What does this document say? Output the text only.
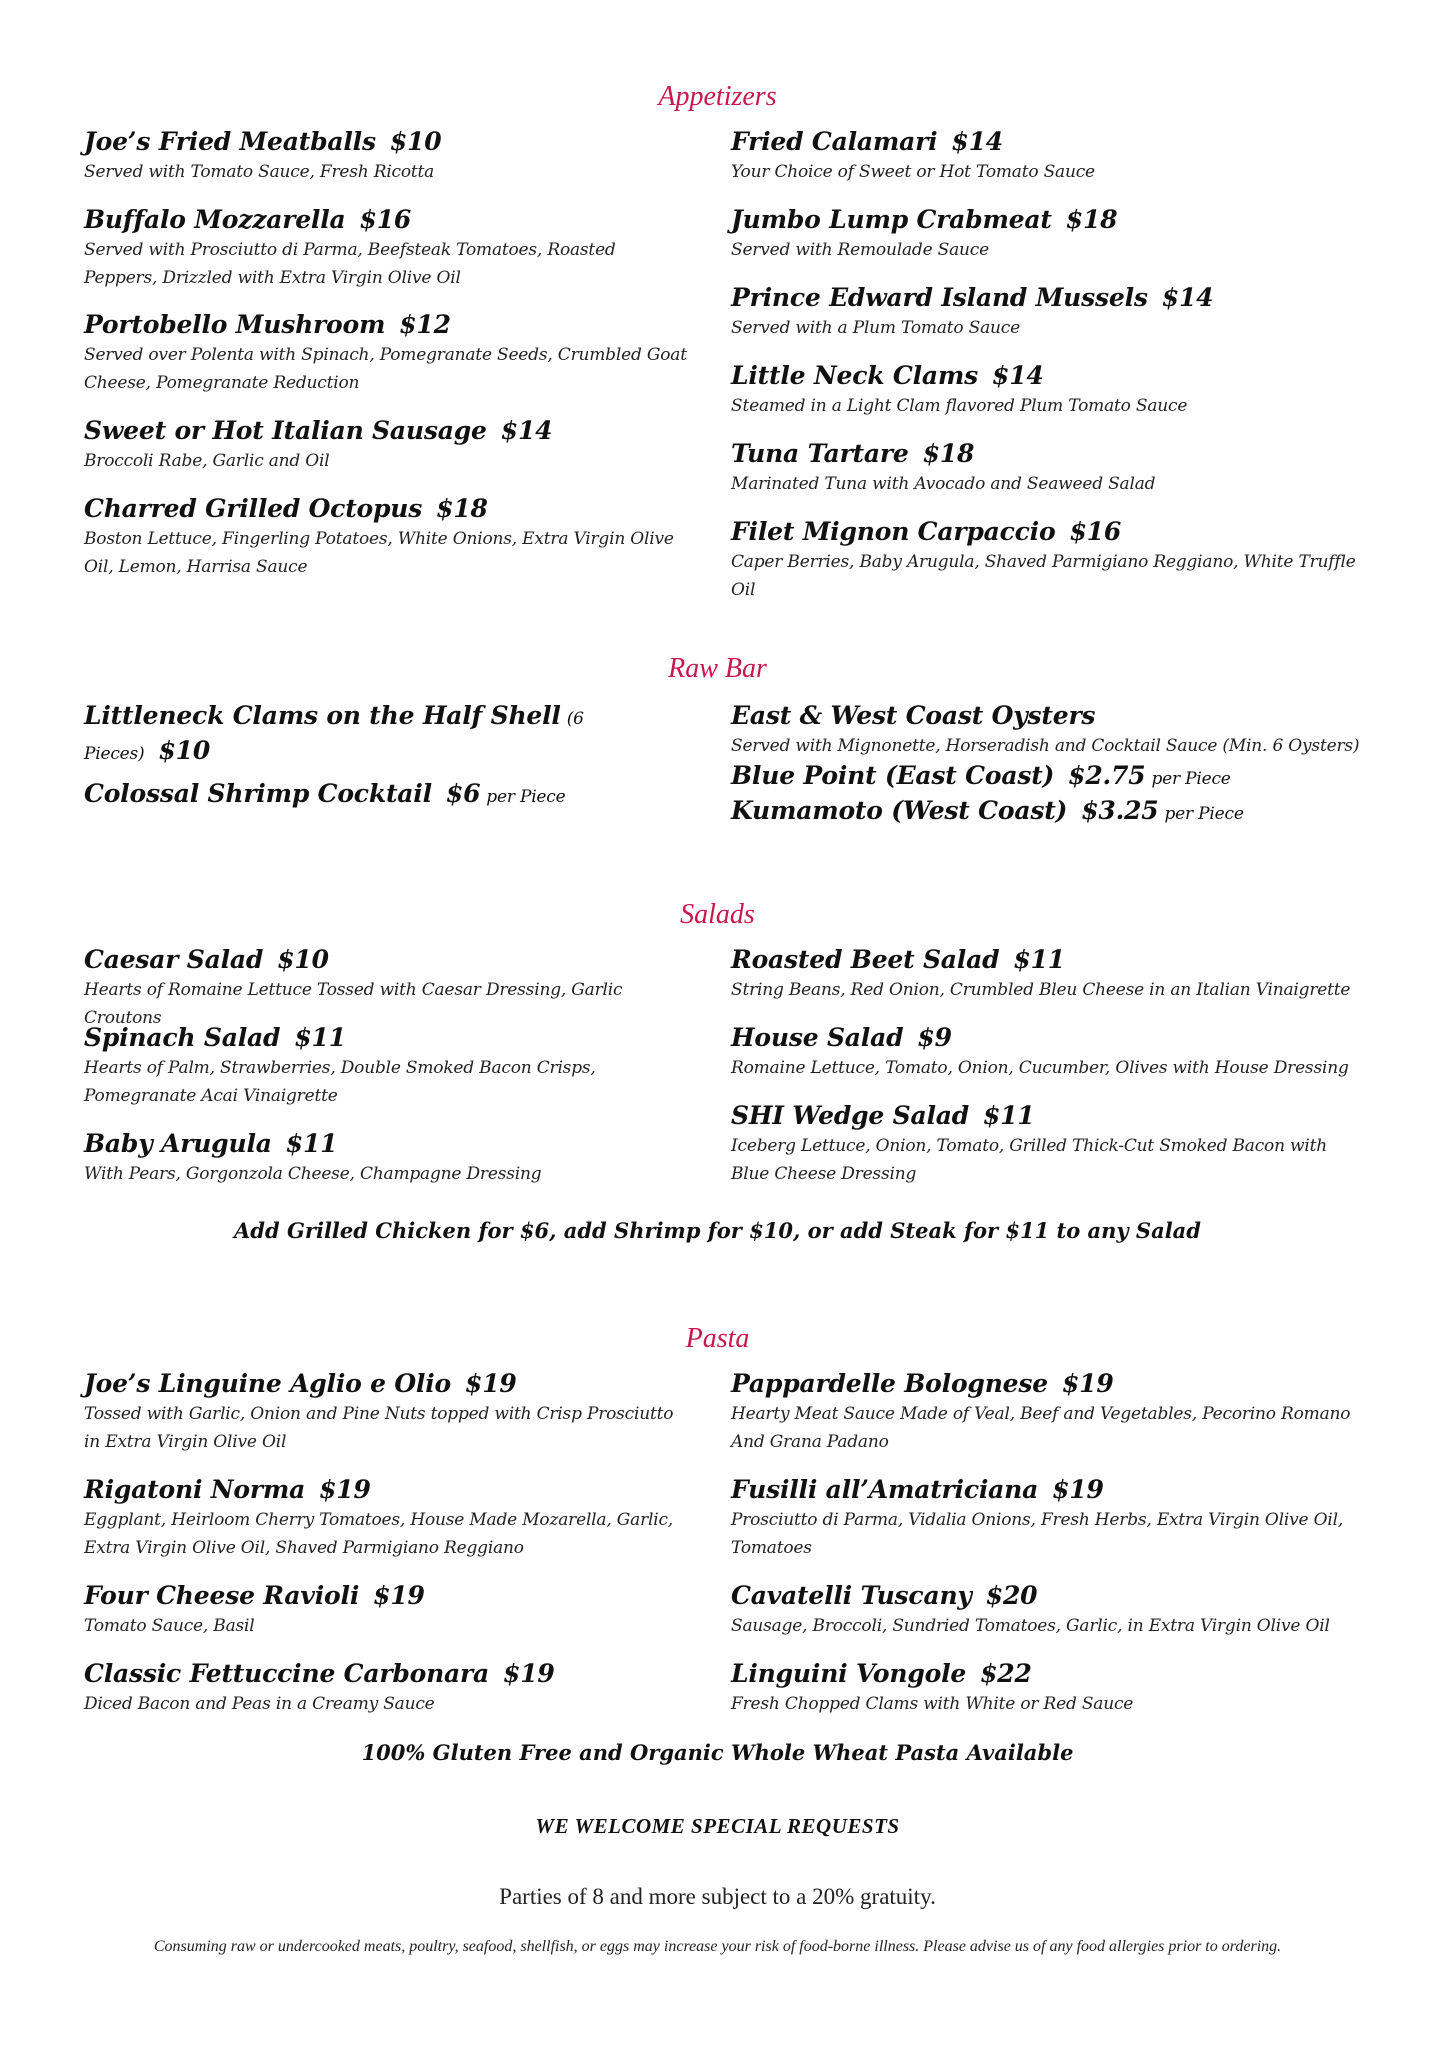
Appetizers
Joe’s Fried Meatballs $10
Served with Tomato Sauce, Fresh Ricotta
Buffalo Mozzarella $16
Served with Prosciutto di Parma, Beefsteak Tomatoes, Roasted Peppers, Drizzled with Extra Virgin Olive Oil
Portobello Mushroom $12
Served over Polenta with Spinach, Pomegranate Seeds, Crumbled Goat Cheese, Pomegranate Reduction
Sweet or Hot Italian Sausage $14
Broccoli Rabe, Garlic and Oil
Charred Grilled Octopus $18
Boston Lettuce, Fingerling Potatoes, White Onions, Extra Virgin Olive Oil, Lemon, Harrisa Sauce
Fried Calamari $14
Your Choice of Sweet or Hot Tomato Sauce
Jumbo Lump Crabmeat $18
Served with Remoulade Sauce
Prince Edward Island Mussels $14
Served with a Plum Tomato Sauce
Little Neck Clams $14
Steamed in a Light Clam flavored Plum Tomato Sauce
Tuna Tartare $18
Marinated Tuna with Avocado and Seaweed Salad
Filet Mignon Carpaccio $16
Caper Berries, Baby Arugula, Shaved Parmigiano Reggiano, White Truffle Oil
Raw Bar
Littleneck Clams on the Half Shell (6 Pieces) $10
Colossal Shrimp Cocktail $6 per Piece
East & West Coast Oysters
Served with Mignonette, Horseradish and Cocktail Sauce (Min. 6 Oysters)
Blue Point (East Coast) $2.75 per Piece
Kumamoto (West Coast) $3.25 per Piece
Salads
Caesar Salad $10
Hearts of Romaine Lettuce Tossed with Caesar Dressing, Garlic Croutons
Spinach Salad $11
Hearts of Palm, Strawberries, Double Smoked Bacon Crisps, Pomegranate Acai Vinaigrette
Baby Arugula $11
With Pears, Gorgonzola Cheese, Champagne Dressing
Roasted Beet Salad $11
String Beans, Red Onion, Crumbled Bleu Cheese in an Italian Vinaigrette
House Salad $9
Romaine Lettuce, Tomato, Onion, Cucumber, Olives with House Dressing
SHI Wedge Salad $11
Iceberg Lettuce, Onion, Tomato, Grilled Thick-Cut Smoked Bacon with Blue Cheese Dressing
Add Grilled Chicken for $6, add Shrimp for $10, or add Steak for $11 to any Salad
Pasta
Joe’s Linguine Aglio e Olio $19
Tossed with Garlic, Onion and Pine Nuts topped with Crisp Prosciutto in Extra Virgin Olive Oil
Rigatoni Norma $19
Eggplant, Heirloom Cherry Tomatoes, House Made Mozarella, Garlic, Extra Virgin Olive Oil, Shaved Parmigiano Reggiano
Four Cheese Ravioli $19
Tomato Sauce, Basil
Classic Fettuccine Carbonara $19
Diced Bacon and Peas in a Creamy Sauce
Pappardelle Bolognese $19
Hearty Meat Sauce Made of Veal, Beef and Vegetables, Pecorino Romano And Grana Padano
Fusilli all’Amatriciana $19
Prosciutto di Parma, Vidalia Onions, Fresh Herbs, Extra Virgin Olive Oil, Tomatoes
Cavatelli Tuscany $20
Sausage, Broccoli, Sundried Tomatoes, Garlic, in Extra Virgin Olive Oil
Linguini Vongole $22
Fresh Chopped Clams with White or Red Sauce
100% Gluten Free and Organic Whole Wheat Pasta Available
WE WELCOME SPECIAL REQUESTS
Parties of 8 and more subject to a 20% gratuity.
Consuming raw or undercooked meats, poultry, seafood, shellfish, or eggs may increase your risk of food-borne illness. Please advise us of any food allergies prior to ordering.
